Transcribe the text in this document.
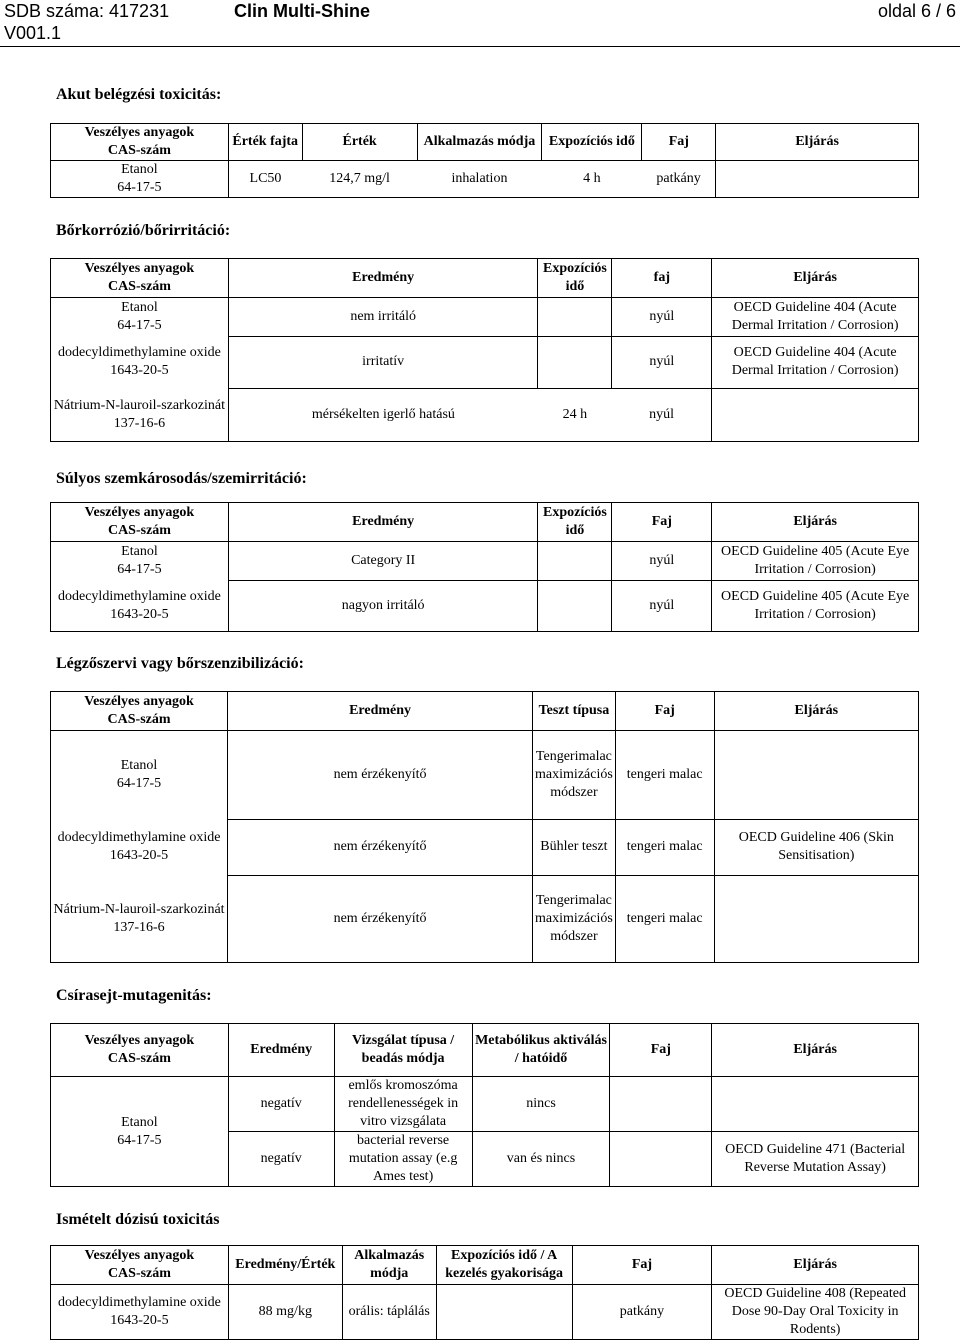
SDB száma: 417231
V001.1
Clin Multi-Shine	oldal 6 / 6
Akut belégzési toxicitás:
Veszélyes anyagok
CAS-szám	Érték fajta	Érték	Alkalmazás módja	Expozíciós idő	Faj	Eljárás

Etanol
64-17-5	LC50	124,7 mg/l	inhalation	4 h	patkány	
Bőrkorrózió/bőrirritáció:
Veszélyes anyagok
CAS-szám	Eredmény	Expozíciós idő	faj	Eljárás

Etanol
64-17-5	nem irritáló		nyúl	OECD Guideline 404 (Acute Dermal Irritation / Corrosion)

dodecyldimethylamine oxide
1643-20-5	irritatív		nyúl	OECD Guideline 404 (Acute Dermal Irritation / Corrosion)

Nátrium-N-lauroil-szarkozinát
137-16-6	mérsékelten igerlő hatású	24 h	nyúl	
Súlyos szemkárosodás/szemirritáció:
Veszélyes anyagok
CAS-szám	Eredmény	Expozíciós idő	Faj	Eljárás

Etanol
64-17-5	Category II		nyúl	OECD Guideline 405 (Acute Eye Irritation / Corrosion)

dodecyldimethylamine oxide
1643-20-5	nagyon irritáló		nyúl	OECD Guideline 405 (Acute Eye Irritation / Corrosion)
Légzőszervi vagy bőrszenzibilizáció:
Veszélyes anyagok
CAS-szám	Eredmény	Teszt típusa	Faj	Eljárás

Etanol
64-17-5	nem érzékenyítő	Tengerimalac maximizációs módszer	tengeri malac	

dodecyldimethylamine oxide
1643-20-5	nem érzékenyítő	Bühler teszt	tengeri malac	OECD Guideline 406 (Skin Sensitisation)

Nátrium-N-lauroil-szarkozinát
137-16-6	nem érzékenyítő	Tengerimalac maximizációs módszer	tengeri malac	
Csírasejt-mutagenitás:
Veszélyes anyagok
CAS-szám	Eredmény	Vizsgálat típusa / beadás módja	Metabólikus aktiválás / hatóidő	Faj	Eljárás

Etanol
64-17-5	negatív	emlős kromoszóma rendellenességek in vitro vizsgálata	nincs		
	negatív	bacterial reverse mutation assay (e.g Ames test)	van és nincs		OECD Guideline 471 (Bacterial Reverse Mutation Assay)
Ismételt dózisú toxicitás
Veszélyes anyagok
CAS-szám	Eredmény/Érték	Alkalmazás módja	Expozíciós idő / A kezelés gyakorisága	Faj	Eljárás

dodecyldimethylamine oxide
1643-20-5	88 mg/kg	orális: táplálás		patkány	OECD Guideline 408 (Repeated Dose 90-Day Oral Toxicity in Rodents)
